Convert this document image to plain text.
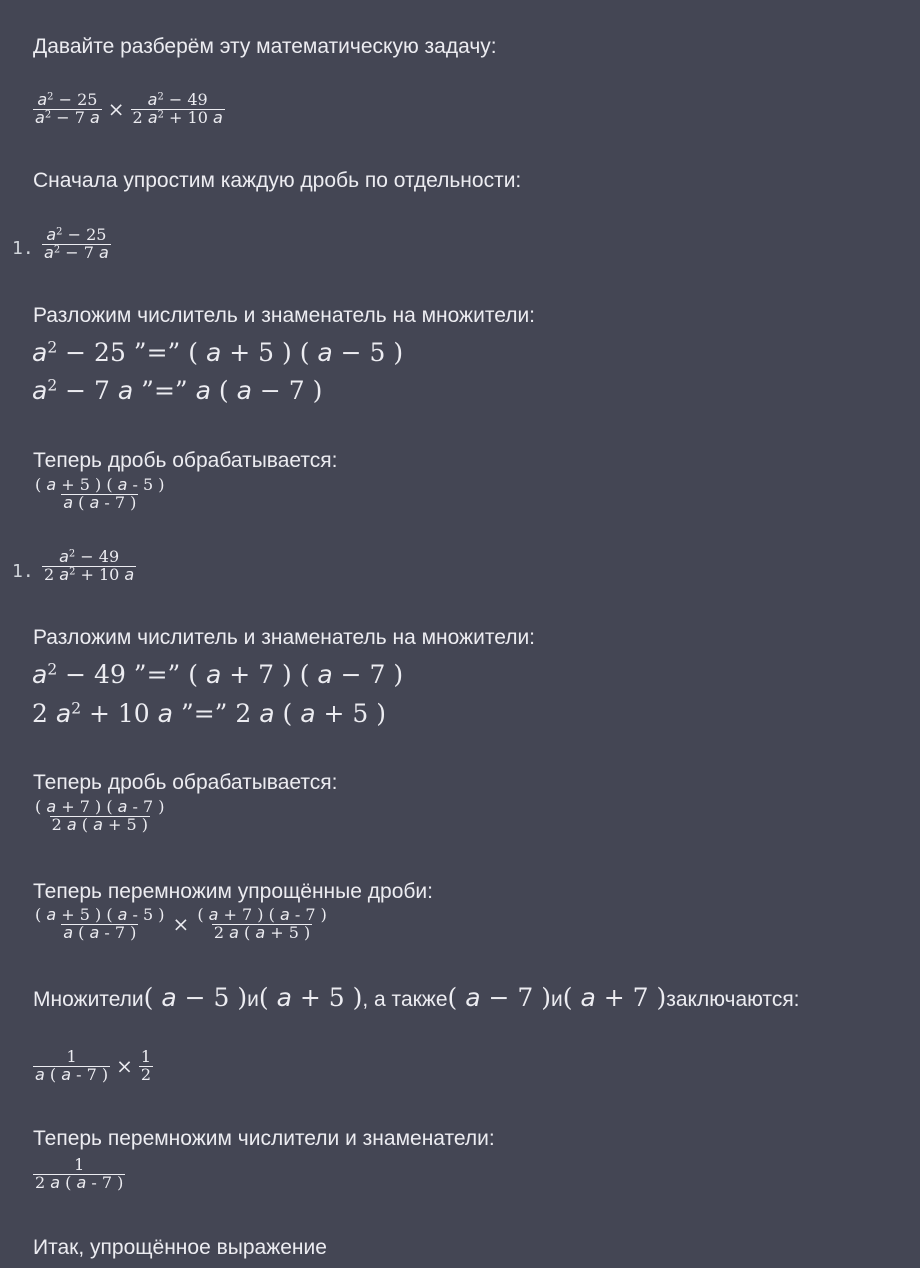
Давайте разберём эту математическую задачу:
$\frac{a^2 - 25}{a^2 - 7 a} \times \frac{a^2 - 49}{2 a^2 + 10 a}$
Сначала упростим каждую дробь по отдельности:
1. $\frac{a^2 - 25}{a^2 - 7 a}$
Разложим числитель и знаменатель на множители:
$a^2 - 25$ ”=” ( a + 5 ) ( a − 5 )
$a^2 - 7$ a ”=” a ( a − 7 )
Теперь дробь обрабатывается:
$\frac{( a + 5 ) ( a - 5 )}{a ( a - 7 )}$
1. $\frac{a^2 - 49}{2 a^2 + 10 a}$
Разложим числитель и знаменатель на множители:
$a^2 - 49$ ”=” ( a + 7 ) ( a − 7 )
2 $a^2 + 10$ a ”=” 2 a ( a + 5 )
Теперь дробь обрабатывается:
$\frac{( a + 7 ) ( a - 7 )}{2 a ( a + 5 )}$
Теперь перемножим упрощённые дроби:
$\frac{( a + 5 ) ( a - 5 )}{a ( a - 7 )} \times \frac{( a + 7 ) ( a - 7 )}{2 a ( a + 5 )}$
Множители( a − 5 )и( a + 5 ), а также( a − 7 )и( a + 7 )заключаются:
$\frac{1}{a ( a - 7 )} \times \frac{1}{2}$
Теперь перемножим числители и знаменатели:
$\frac{1}{2 a ( a - 7 )}$
Итак, упрощённое выражение
